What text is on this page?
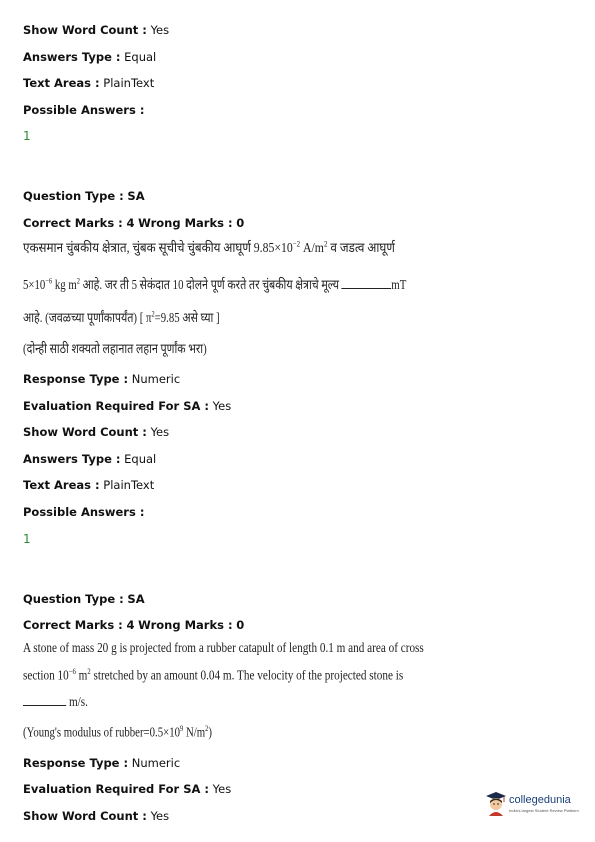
Show Word Count : Yes
Answers Type : Equal
Text Areas : PlainText
Possible Answers :
1
Question Type : SA
Correct Marks : 4 Wrong Marks : 0
एकसमान चुंबकीय क्षेत्रात, चुंबक सूचीचे चुंबकीय आघूर्ण $9.85\times 10^{-2}$ $A/m^2$ व जडत्व आघूर्ण
$5\times 10^{-6}$ kg $m^2$ आहे. जर ती 5 सेकंदात 10 दोलने पूर्ण करते तर चुंबकीय क्षेत्राचे मूल्य	mT
आहे. (जवळच्या पूर्णांकापर्यंत) [ $\pi^2=9.85$ असे घ्या ]
(दोन्ही साठी शक्यतो लहानात लहान पूर्णांक भरा)
Response Type : Numeric
Evaluation Required For SA : Yes
Show Word Count : Yes
Answers Type : Equal
Text Areas : PlainText
Possible Answers :
1
Question Type : SA
Correct Marks : 4 Wrong Marks : 0
A stone of mass 20 g is projected from a rubber catapult of length 0.1 m and area of cross
section $10^{-6}$ $m^2$ stretched by an amount 0.04 m. The velocity of the projected stone is
m/s.
(Young's modulus of $rubber=0.5\times 10^9$ $N/m^2$)
Response Type : Numeric
Evaluation Required For SA : Yes
Show Word Count : Yes
collegedunia
India's largest Student Review Platform
